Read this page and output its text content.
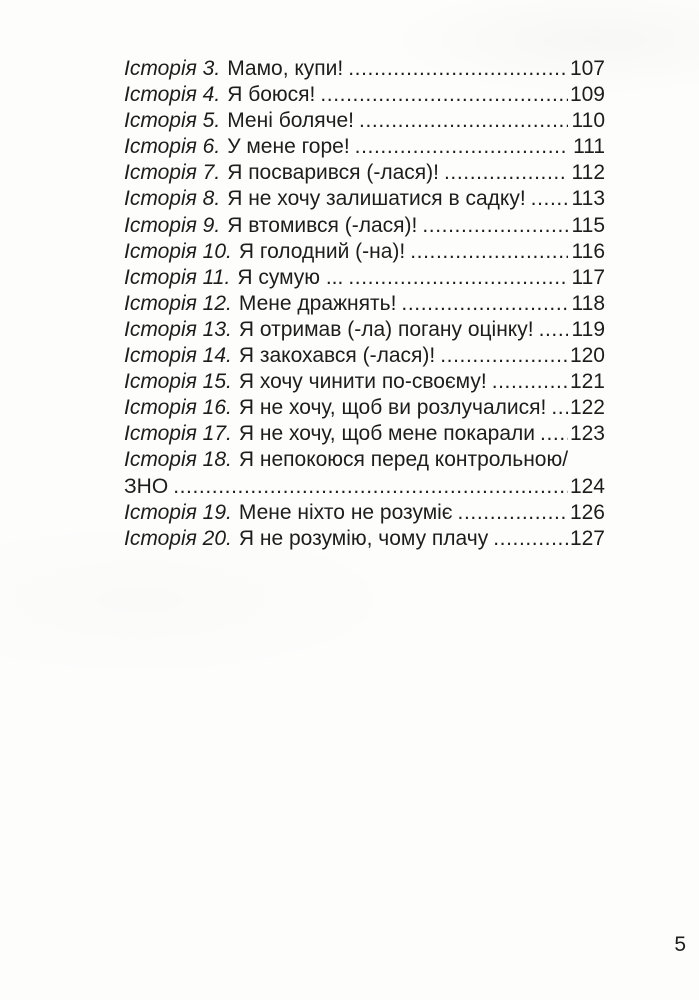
Історія 3. Мамо, купи! .....	107
Історія 4. Я боюся! .....	109
Історія 5. Мені боляче! .....	110
Історія 6. У мене горе! .....	111
Історія 7. Я посварився (-лася)! .....	112
Історія 8. Я не хочу залишатися в садку! ..... 113
Історія 9. Я втомився (-лася)! .....	115
Історія 10. Я голодний (-на)! .....	116
Історія 11. Я сумую ... .....	117
Історія 12. Мене дражнять! .....	118
Історія 13. Я отримав (-ла) погану оцінку! ..... 119
Історія 14. Я закохався (-лася)! .....	120
Історія 15. Я хочу чинити по-своєму! .....	121
Історія 16. Я не хочу, щоб ви розлучалися! ..... 122
Історія 17. Я не хочу, щоб мене покарали ..... 123
Історія 18. Я непокоюся перед контрольною/
ЗНО .....	124
Історія 19. Мене ніхто не розуміє .....	126
Історія 20. Я не розумію, чому плачу .....	127
5
